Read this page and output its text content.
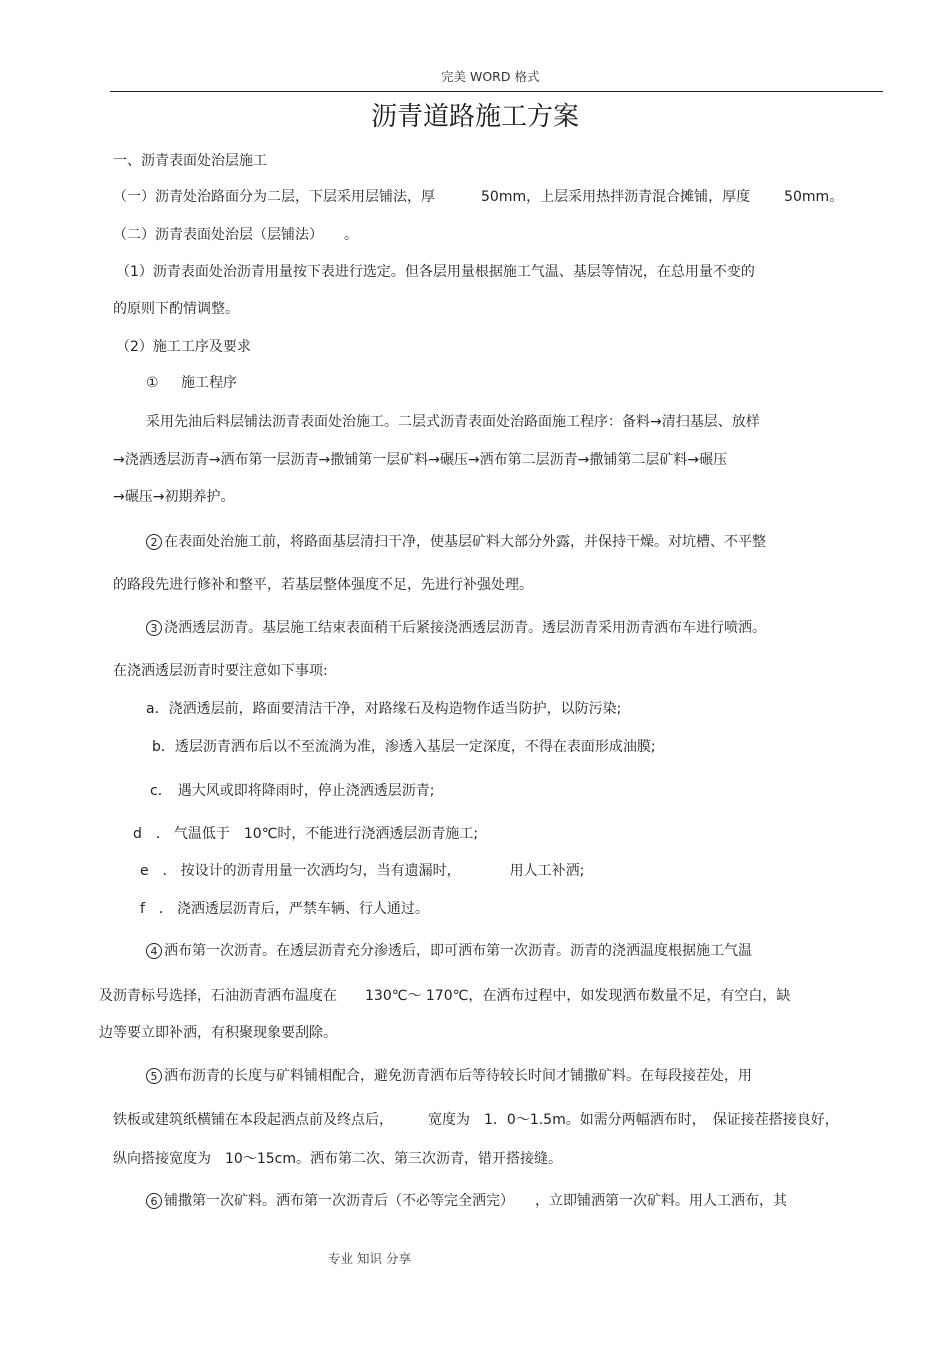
完美 WORD 格式
沥青道路施工方案
一、沥青表面处治层施工
（一）沥青处治路面分为二层，下层采用层铺法，厚	50mm，上层采用热拌沥青混合摊铺，厚度 50mm。
（二）沥青表面处治层（层铺法）　　。
（1）沥青表面处治沥青用量按下表进行选定。但各层用量根据施工气温、基层等情况，在总用量不变的
的原则下酌情调整。
（2）施工工序及要求
① 施工程序
采用先油后料层铺法沥青表面处治施工。二层式沥青表面处治路面施工程序：备料→清扫基层、放样
→浇洒透层沥青→洒布第一层沥青→撒铺第一层矿料→碾压→洒布第二层沥青→撒铺第二层矿料→碾压
→碾压→初期养护。
2 在表面处治施工前，将路面基层清扫干净，使基层矿料大部分外露，并保持干燥。对坑槽、不平整
的路段先进行修补和整平，若基层整体强度不足，先进行补强处理。
3 浇洒透层沥青。基层施工结束表面稍干后紧接浇洒透层沥青。透层沥青采用沥青洒布车进行喷洒。
在浇洒透层沥青时要注意如下事项:
a．浇洒透层前，路面要清洁干净，对路缘石及构造物作适当防护，以防污染;
b．透层沥青洒布后以不至流淌为准，渗透入基层一定深度，不得在表面形成油膜;
c． 遇大风或即将降雨时，停止浇洒透层沥青;
d　． 气温低于　10℃时，不能进行浇洒透层沥青施工;
e　． 按设计的沥青用量一次洒均匀，当有遗漏时，　　　　用人工补洒;
f　． 浇洒透层沥青后，严禁车辆、行人通过。
4 洒布第一次沥青。在透层沥青充分渗透后，即可洒布第一次沥青。沥青的浇洒温度根据施工气温
及沥青标号选择，石油沥青洒布温度在　　130℃～ 170℃，在洒布过程中，如发现洒布数量不足，有空白，缺
边等要立即补洒，有积聚现象要刮除。
5 洒布沥青的长度与矿料铺相配合，避免沥青洒布后等待较长时间才铺撒矿料。在每段接茬处，用
铁板或建筑纸横铺在本段起洒点前及终点后，　　　宽度为　1．0～1.5m。如需分两幅洒布时，　保证接茬搭接良好，
纵向搭接宽度为　10～15cm。洒布第二次、第三次沥青，错开搭接缝。
6 铺撒第一次矿料。洒布第一次沥青后（不必等完全洒完）　　，立即铺洒第一次矿料。用人工洒布，其
专业 知识 分享
